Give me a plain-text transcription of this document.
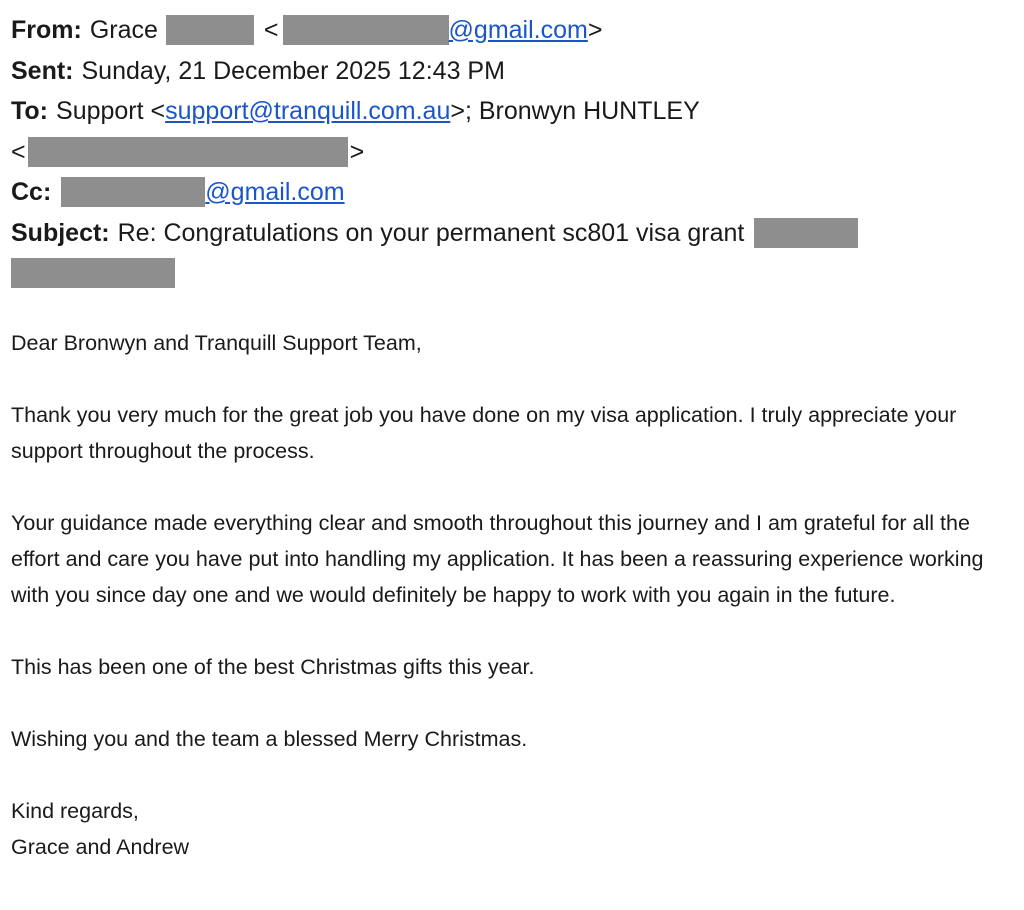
From: Grace	<	@gmail.com >
Sent: Sunday, 21 December 2025 12:43 PM
To: Support < support@tranquill.com.au >; Bronwyn HUNTLEY
<	>
Cc:	@gmail.com
Subject: Re: Congratulations on your permanent sc801 visa grant

Dear Bronwyn and Tranquill Support Team,

Thank you very much for the great job you have done on my visa application. I truly appreciate your support throughout the process.

Your guidance made everything clear and smooth throughout this journey and I am grateful for all the effort and care you have put into handling my application. It has been a reassuring experience working with you since day one and we would definitely be happy to work with you again in the future.

This has been one of the best Christmas gifts this year.

Wishing you and the team a blessed Merry Christmas.

Kind regards,
Grace and Andrew
